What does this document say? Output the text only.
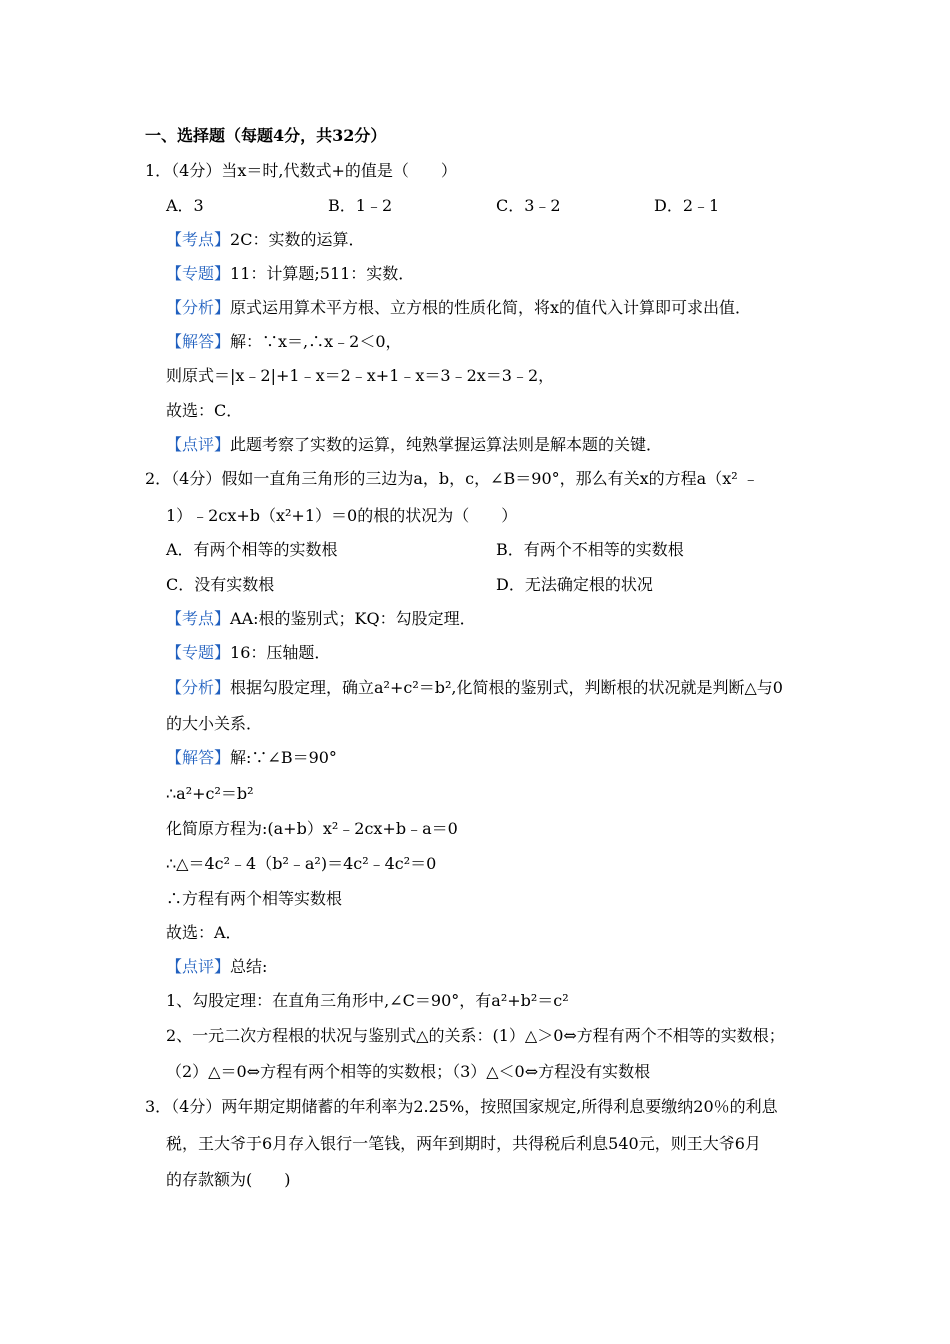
一、选择题（每题4分，共32分）
1．（4分）当x＝时,代数式+的值是（　　）
A．3	B．1﹣2	C．3﹣2	D．2﹣1
【考点】2C：实数的运算．
【专题】11：计算题;511：实数．
【分析】原式运用算术平方根、立方根的性质化简，将x的值代入计算即可求出值．
【解答】解：∵x＝,∴x﹣2＜0，
则原式＝|x﹣2|+1﹣x＝2﹣x+1﹣x＝3﹣2x＝3﹣2，
故选：C．
【点评】此题考察了实数的运算，纯熟掌握运算法则是解本题的关键．
2．（4分）假如一直角三角形的三边为a，b，c，∠B＝90°，那么有关x的方程a（x² ﹣
1）﹣2cx+b（x²+1）＝0的根的状况为（　　）
A．有两个相等的实数根	B．有两个不相等的实数根
C．没有实数根	D．无法确定根的状况
【考点】AA:根的鉴别式；KQ：勾股定理．
【专题】16：压轴题．
【分析】根据勾股定理，确立a²+c²＝b²,化简根的鉴别式，判断根的状况就是判断△与0
的大小关系．
【解答】解:∵∠B＝90°
∴a²+c²＝b²
化简原方程为:(a+b）x²﹣2cx+b﹣a＝0
∴△＝4c²﹣4（b²﹣a²)＝4c²﹣4c²＝0
∴方程有两个相等实数根
故选：A．
【点评】总结:
1、勾股定理：在直角三角形中,∠C＝90°，有a²+b²＝c²
2、一元二次方程根的状况与鉴别式△的关系：(1）△＞0⇔方程有两个不相等的实数根；
（2）△＝0⇔方程有两个相等的实数根；（3）△＜0⇔方程没有实数根
3．（4分）两年期定期储蓄的年利率为2.25%，按照国家规定,所得利息要缴纳20％的利息
税，王大爷于6月存入银行一笔钱，两年到期时，共得税后利息540元，则王大爷6月
的存款额为(　　)
